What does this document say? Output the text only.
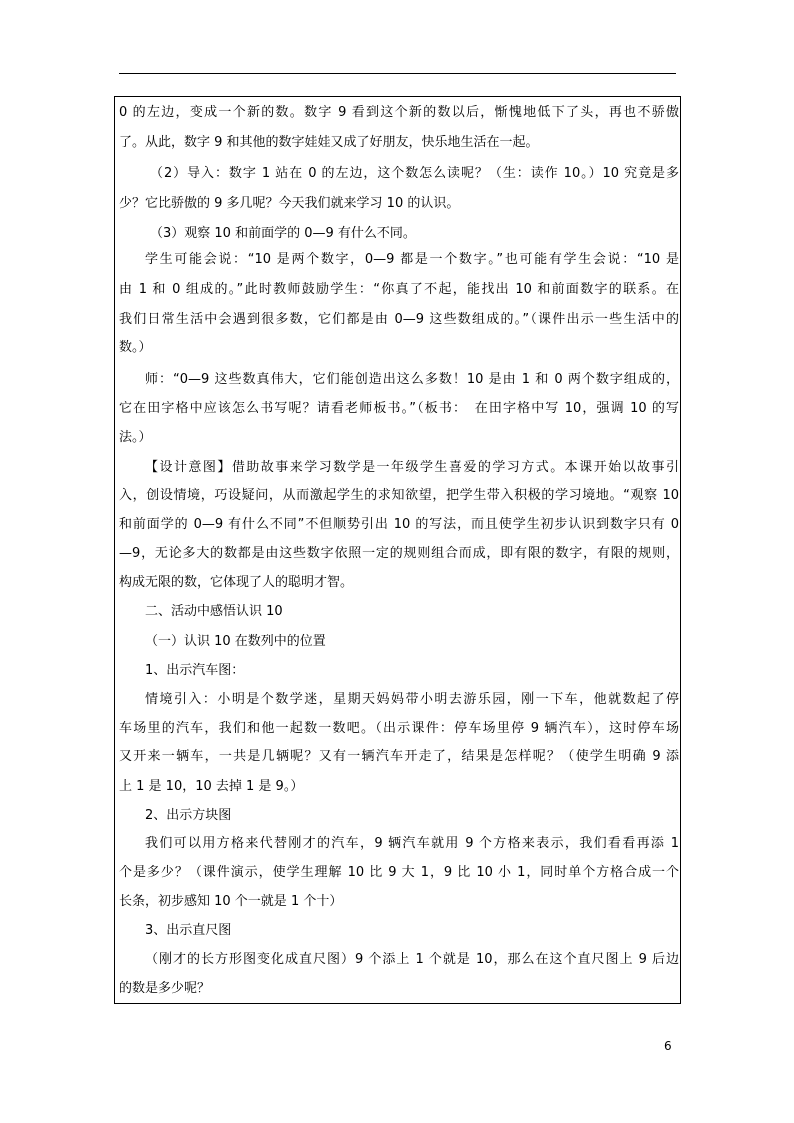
0 的左边，变成一个新的数。数字 9 看到这个新的数以后，惭愧地低下了头，再也不骄傲
了。从此，数字 9 和其他的数字娃娃又成了好朋友，快乐地生活在一起。
（2）导入：数字 1 站在 0 的左边，这个数怎么读呢？（生：读作 10。）10 究竟是多
少？它比骄傲的 9 多几呢？今天我们就来学习 10 的认识。
（3）观察 10 和前面学的 0—9 有什么不同。
学生可能会说：“10 是两个数字，0—9 都是一个数字。”也可能有学生会说：“10 是
由 1 和 0 组成的。”此时教师鼓励学生：“你真了不起，能找出 10 和前面数字的联系。在
我们日常生活中会遇到很多数，它们都是由 0—9 这些数组成的。”（课件出示一些生活中的
数。）
师：“0—9 这些数真伟大，它们能创造出这么多数！10 是由 1 和 0 两个数字组成的，
它在田字格中应该怎么书写呢？请看老师板书。”（板书：　在田字格中写 10，强调 10 的写
法。）
【设计意图】借助故事来学习数学是一年级学生喜爱的学习方式。本课开始以故事引
入，创设情境，巧设疑问，从而激起学生的求知欲望，把学生带入积极的学习境地。“观察 10
和前面学的 0—9 有什么不同”不但顺势引出 10 的写法，而且使学生初步认识到数字只有 0
—9，无论多大的数都是由这些数字依照一定的规则组合而成，即有限的数字，有限的规则，
构成无限的数，它体现了人的聪明才智。
二、活动中感悟认识 10
（一）认识 10 在数列中的位置
1、出示汽车图：
情境引入：小明是个数学迷，星期天妈妈带小明去游乐园，刚一下车，他就数起了停
车场里的汽车，我们和他一起数一数吧。（出示课件：停车场里停 9 辆汽车），这时停车场
又开来一辆车，一共是几辆呢？又有一辆汽车开走了，结果是怎样呢？（使学生明确 9 添
上 1 是 10，10 去掉 1 是 9。）
2、出示方块图
我们可以用方格来代替刚才的汽车，9 辆汽车就用 9 个方格来表示，我们看看再添 1
个是多少？（课件演示，使学生理解 10 比 9 大 1，9 比 10 小 1，同时单个方格合成一个
长条，初步感知 10 个一就是 1 个十）
3、出示直尺图
（刚才的长方形图变化成直尺图）9 个添上 1 个就是 10，那么在这个直尺图上 9 后边
的数是多少呢？
6
